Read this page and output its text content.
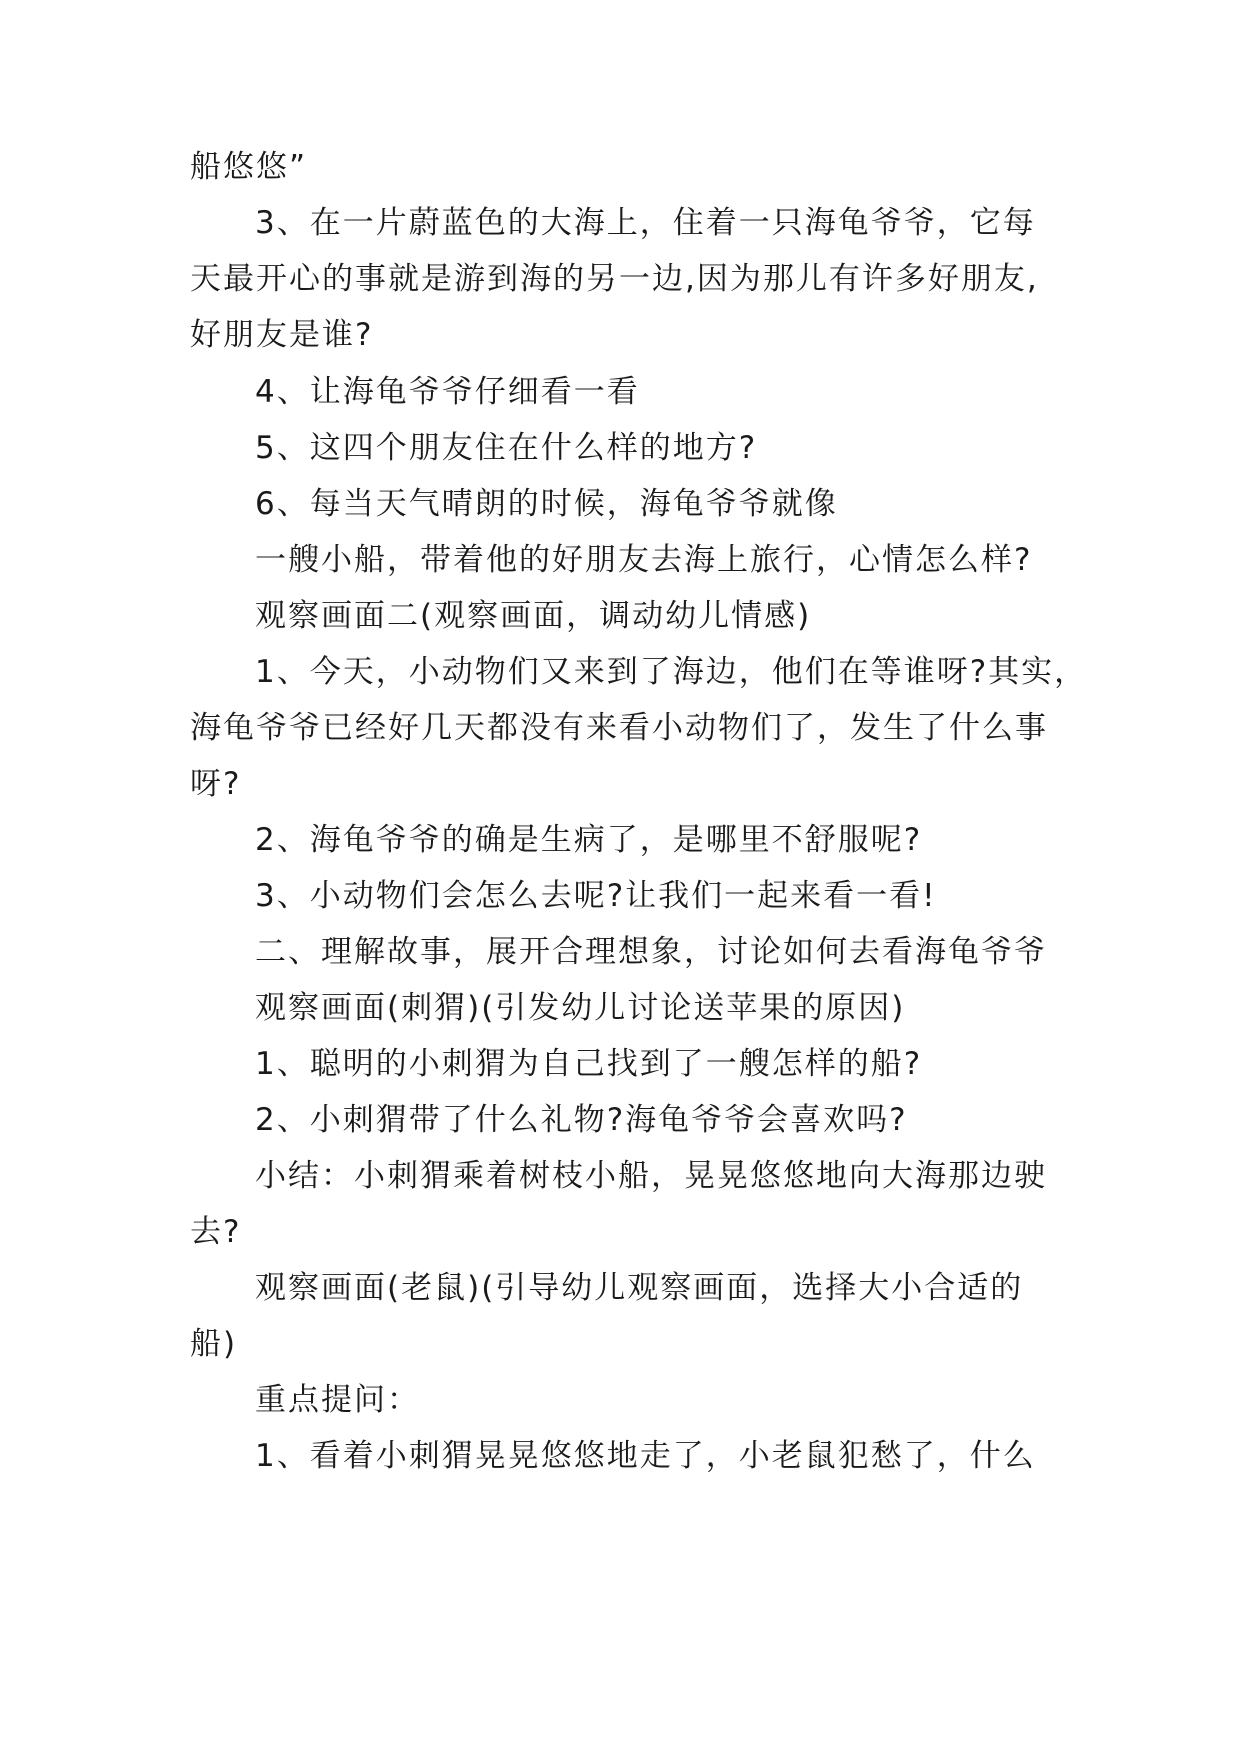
船悠悠”
3、在一片蔚蓝色的大海上，住着一只海龟爷爷，它每
天最开心的事就是游到海的另一边,因为那儿有许多好朋友,
好朋友是谁?
4、让海龟爷爷仔细看一看
5、这四个朋友住在什么样的地方?
6、每当天气晴朗的时候，海龟爷爷就像
一艘小船，带着他的好朋友去海上旅行，心情怎么样?
观察画面二(观察画面，调动幼儿情感)
1、今天，小动物们又来到了海边，他们在等谁呀?其实，
海龟爷爷已经好几天都没有来看小动物们了，发生了什么事
呀?
2、海龟爷爷的确是生病了，是哪里不舒服呢?
3、小动物们会怎么去呢?让我们一起来看一看!
二、理解故事，展开合理想象，讨论如何去看海龟爷爷
观察画面(刺猬)(引发幼儿讨论送苹果的原因)
1、聪明的小刺猬为自己找到了一艘怎样的船?
2、小刺猬带了什么礼物?海龟爷爷会喜欢吗?
小结：小刺猬乘着树枝小船，晃晃悠悠地向大海那边驶
去?
观察画面(老鼠)(引导幼儿观察画面，选择大小合适的
船)
重点提问：
1、看着小刺猬晃晃悠悠地走了，小老鼠犯愁了，什么
